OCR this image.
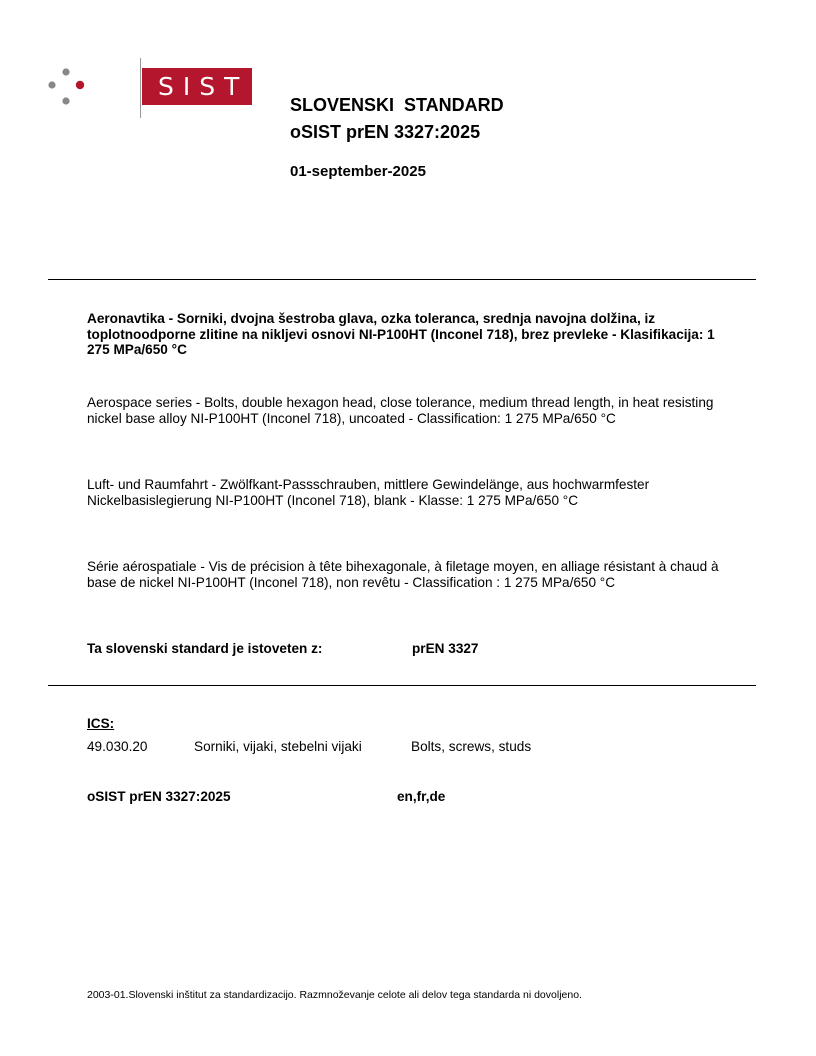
SIST
SLOVENSKI  STANDARD
oSIST prEN 3327:2025
01-september-2025
Aeronavtika - Sorniki, dvojna šestroba glava, ozka toleranca, srednja navojna dolžina, iz toplotnoodporne zlitine na nikljevi osnovi NI-P100HT (Inconel 718), brez prevleke - Klasifikacija: 1 275 MPa/650 °C
Aerospace series - Bolts, double hexagon head, close tolerance, medium thread length, in heat resisting nickel base alloy NI-P100HT (Inconel 718), uncoated - Classification: 1 275 MPa/650 °C
Luft- und Raumfahrt - Zwölfkant-Passschrauben, mittlere Gewindelänge, aus hochwarmfester Nickelbasislegierung NI-P100HT (Inconel 718), blank - Klasse: 1 275 MPa/650 °C
Série aérospatiale - Vis de précision à tête bihexagonale, à filetage moyen, en alliage résistant à chaud à base de nickel NI-P100HT (Inconel 718), non revêtu - Classification : 1 275 MPa/650 °C
Ta slovenski standard je istoveten z:	prEN 3327
ICS:
49.030.20	Sorniki, vijaki, stebelni vijaki	Bolts, screws, studs
oSIST prEN 3327:2025	en,fr,de
2003-01.Slovenski inštitut za standardizacijo. Razmnoževanje celote ali delov tega standarda ni dovoljeno.
